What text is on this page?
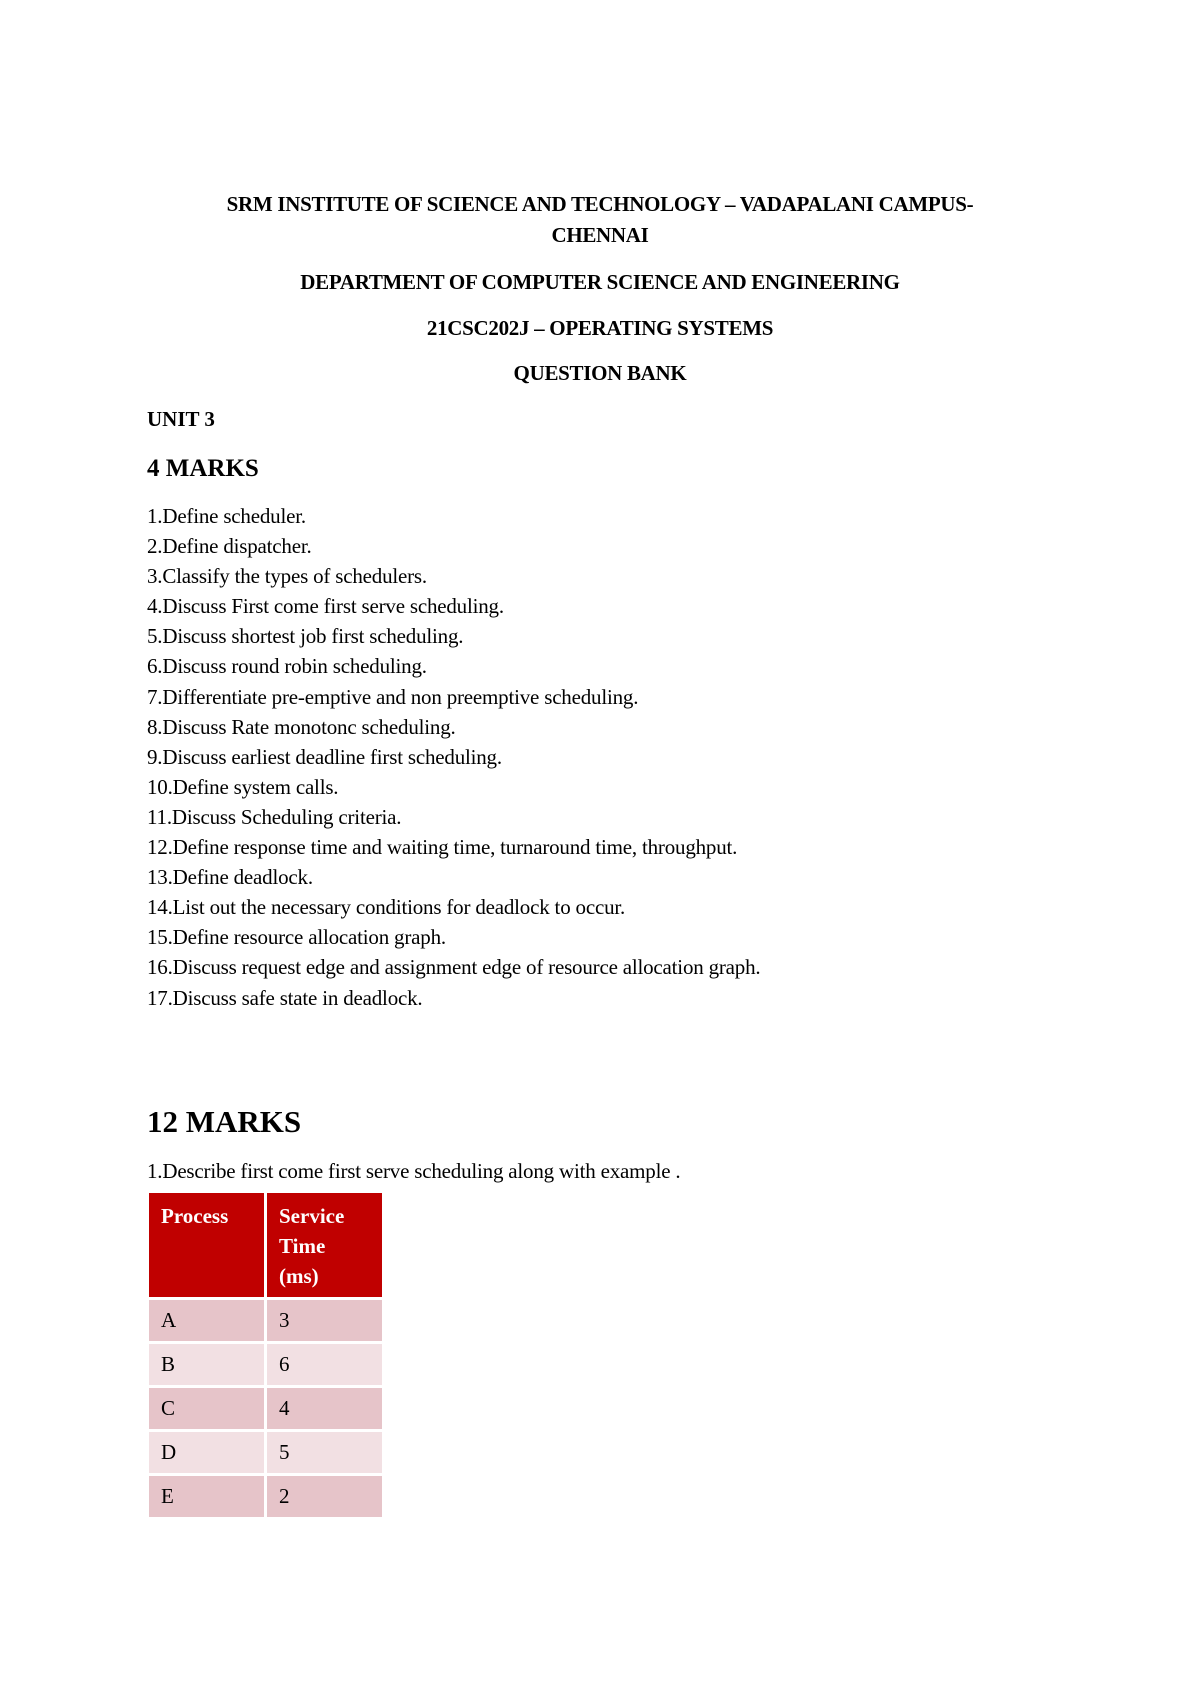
SRM INSTITUTE OF SCIENCE AND TECHNOLOGY – VADAPALANI CAMPUS-
CHENNAI
DEPARTMENT OF COMPUTER SCIENCE AND ENGINEERING
21CSC202J – OPERATING SYSTEMS
QUESTION BANK
UNIT 3
4 MARKS
1.Define scheduler.
2.Define dispatcher.
3.Classify the types of schedulers.
4.Discuss First come first serve scheduling.
5.Discuss shortest job first scheduling.
6.Discuss round robin scheduling.
7.Differentiate pre-emptive and non preemptive scheduling.
8.Discuss Rate monotonc scheduling.
9.Discuss earliest deadline first scheduling.
10.Define system calls.
11.Discuss Scheduling criteria.
12.Define response time and waiting time, turnaround time, throughput.
13.Define deadlock.
14.List out the necessary conditions for deadlock to occur.
15.Define resource allocation graph.
16.Discuss request edge and assignment edge of resource allocation graph.
17.Discuss safe state in deadlock.
12 MARKS
1.Describe first come first serve scheduling along with example .
Process	Service
Time
(ms)

A	3
B	6
C	4
D	5
E	2
